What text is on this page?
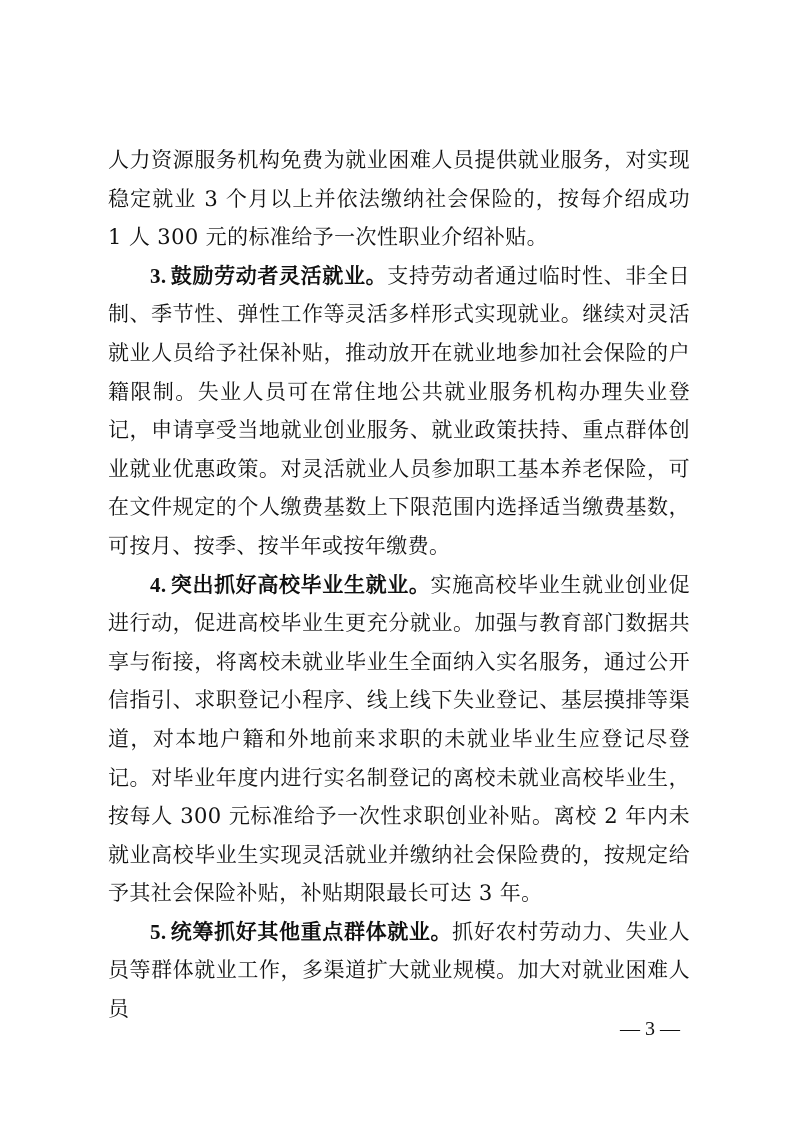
人力资源服务机构免费为就业困难人员提供就业服务，对实现稳定就业 3 个月以上并依法缴纳社会保险的，按每介绍成功 1 人 300 元的标准给予一次性职业介绍补贴。

3. 鼓励劳动者灵活就业。支持劳动者通过临时性、非全日制、季节性、弹性工作等灵活多样形式实现就业。继续对灵活就业人员给予社保补贴，推动放开在就业地参加社会保险的户籍限制。失业人员可在常住地公共就业服务机构办理失业登记，申请享受当地就业创业服务、就业政策扶持、重点群体创业就业优惠政策。对灵活就业人员参加职工基本养老保险，可在文件规定的个人缴费基数上下限范围内选择适当缴费基数，可按月、按季、按半年或按年缴费。

4. 突出抓好高校毕业生就业。实施高校毕业生就业创业促进行动，促进高校毕业生更充分就业。加强与教育部门数据共享与衔接，将离校未就业毕业生全面纳入实名服务，通过公开信指引、求职登记小程序、线上线下失业登记、基层摸排等渠道，对本地户籍和外地前来求职的未就业毕业生应登记尽登记。对毕业年度内进行实名制登记的离校未就业高校毕业生，按每人 300 元标准给予一次性求职创业补贴。离校 2 年内未就业高校毕业生实现灵活就业并缴纳社会保险费的，按规定给予其社会保险补贴，补贴期限最长可达 3 年。

5. 统筹抓好其他重点群体就业。抓好农村劳动力、失业人员等群体就业工作，多渠道扩大就业规模。加大对就业困难人员

— 3 —
